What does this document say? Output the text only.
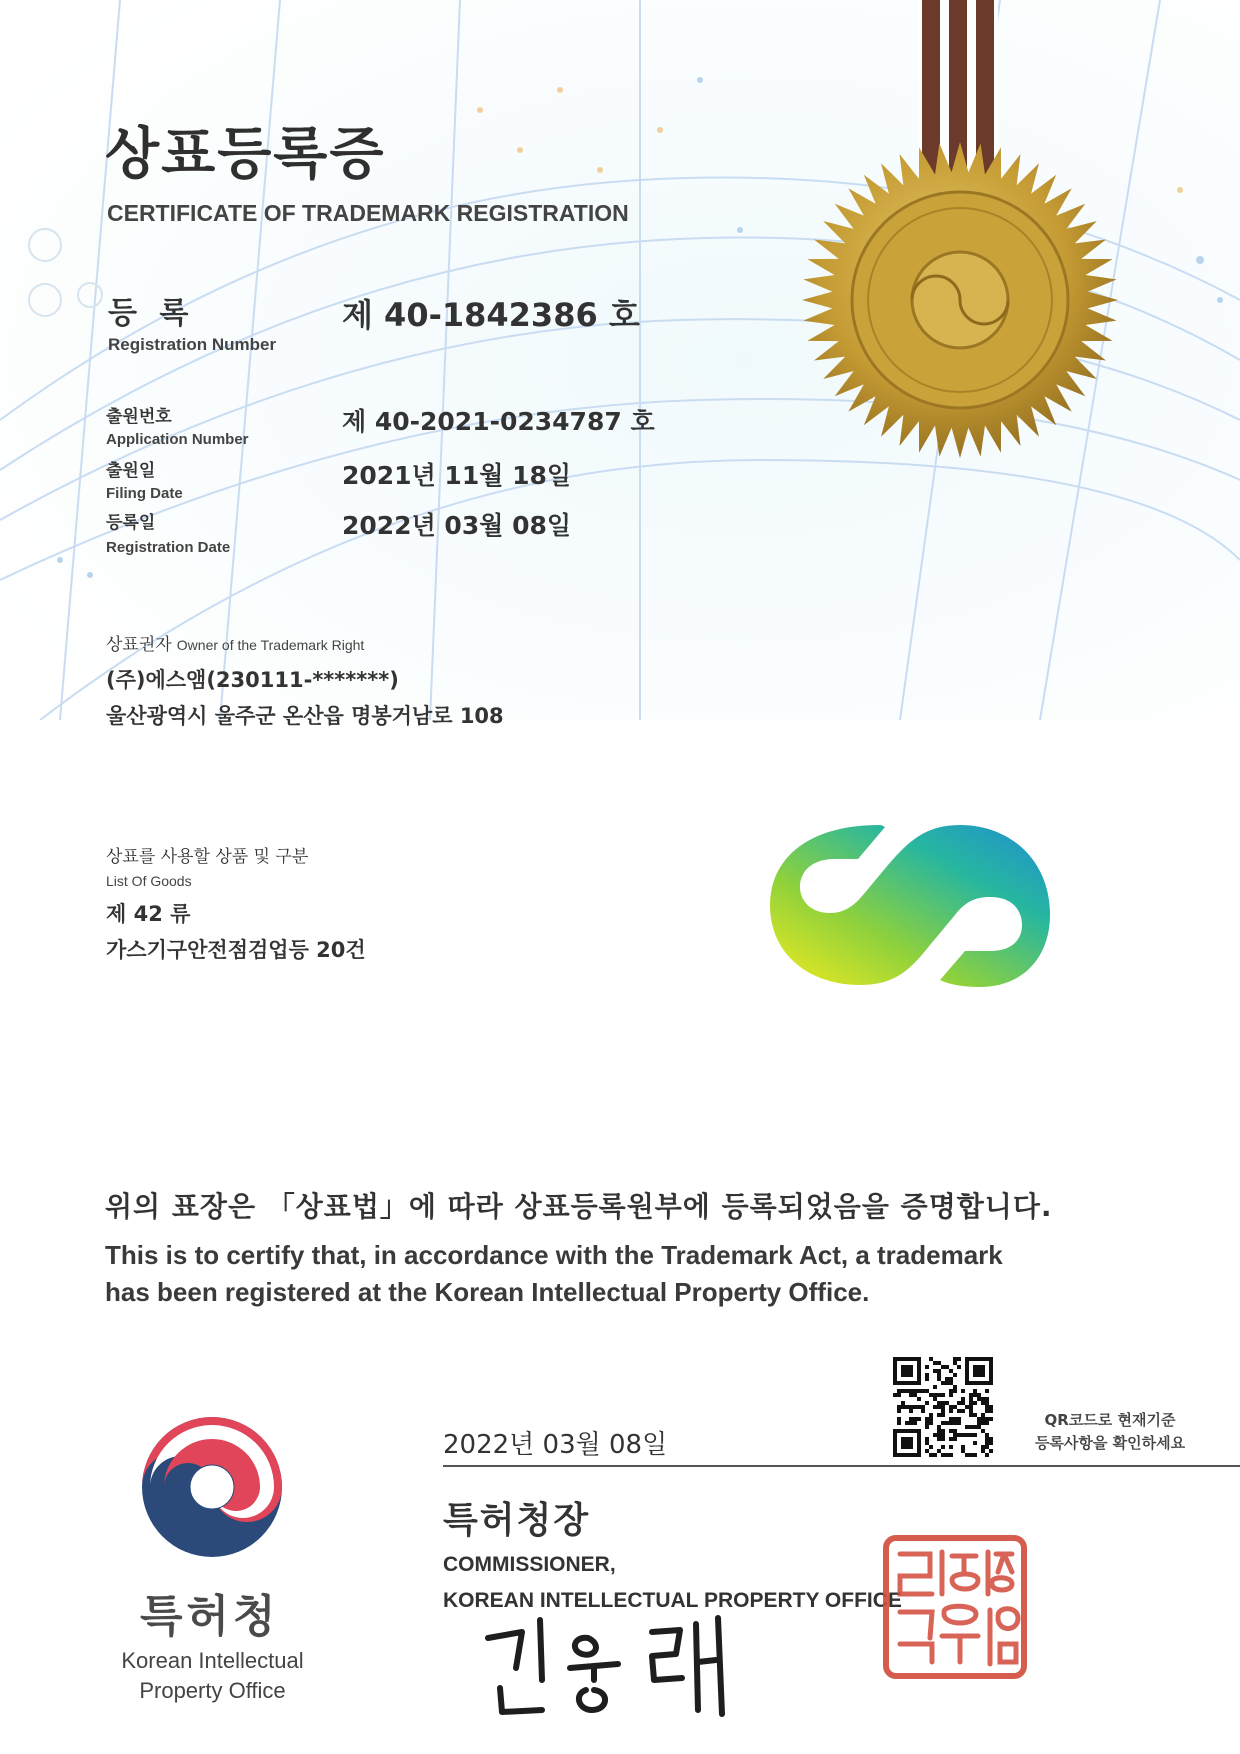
상표등록증
CERTIFICATE OF TRADEMARK REGISTRATION
등 록
Registration Number
제 40-1842386 호
출원번호
Application Number
제 40-2021-0234787 호
출원일
Filing Date
2021년 11월 18일
등록일
Registration Date
2022년 03월 08일
상표권자 Owner of the Trademark Right
(주)에스앰(230111-*******)
울산광역시 울주군 온산읍 명봉거남로 108
상표를 사용할 상품 및 구분
List Of Goods
제 42 류
가스기구안전점검업등 20건
위의 표장은 「상표법」에 따라 상표등록원부에 등록되었음을 증명합니다.
This is to certify that, in accordance with the Trademark Act, a trademark
has been registered at the Korean Intellectual Property Office.
QR코드로 현재기준
등록사항을 확인하세요
2022년 03월 08일
특허청장
COMMISSIONER,
KOREAN INTELLECTUAL PROPERTY OFFICE
특허청
Korean Intellectual
Property Office
